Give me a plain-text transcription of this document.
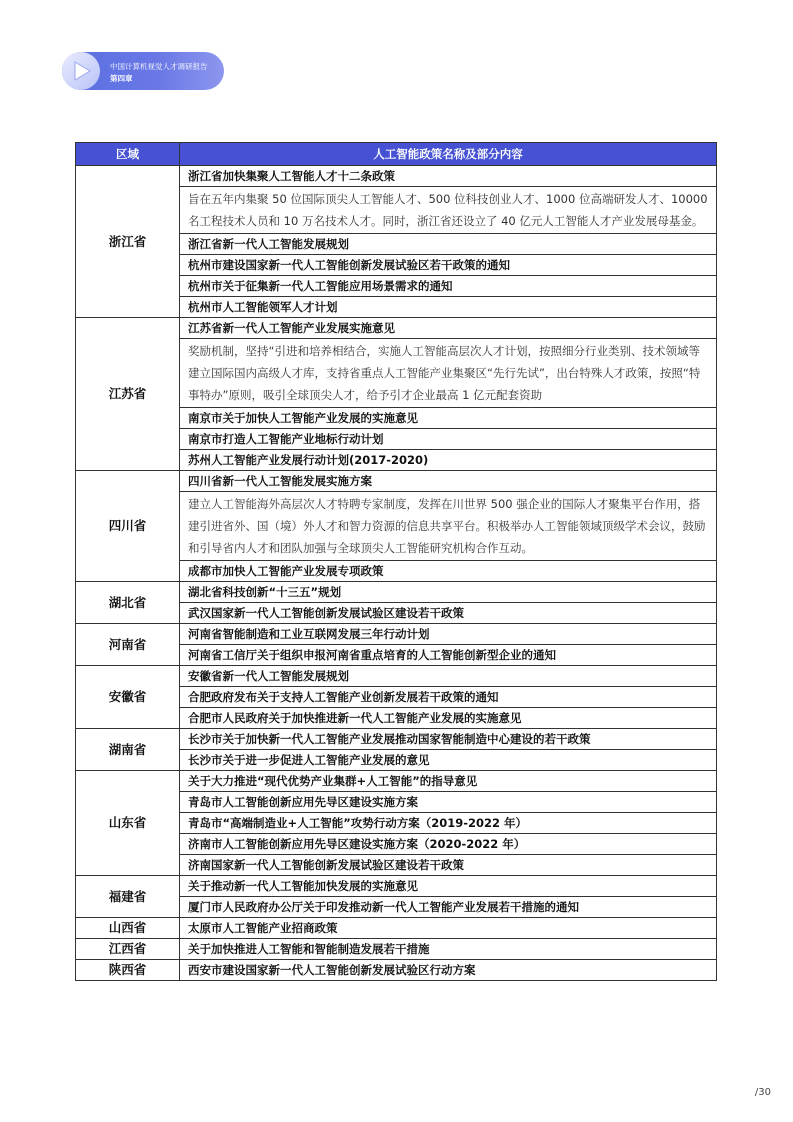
中国计算机视觉人才调研报告
第四章
区域	人工智能政策名称及部分内容
浙江省	浙江省加快集聚人工智能人才十二条政策
	旨在五年内集聚 50 位国际顶尖人工智能人才、500 位科技创业人才、1000 位高端研发人才、10000 名工程技术人员和 10 万名技术人才。同时，浙江省还设立了 40 亿元人工智能人才产业发展母基金。
	浙江省新一代人工智能发展规划
	杭州市建设国家新一代人工智能创新发展试验区若干政策的通知
	杭州市关于征集新一代人工智能应用场景需求的通知
	杭州市人工智能领军人才计划
江苏省	江苏省新一代人工智能产业发展实施意见
	奖励机制，坚持“引进和培养相结合，实施人工智能高层次人才计划，按照细分行业类别、技术领域等建立国际国内高级人才库，支持省重点人工智能产业集聚区“先行先试”，出台特殊人才政策，按照“特事特办”原则，吸引全球顶尖人才，给予引才企业最高 1 亿元配套资助
	南京市关于加快人工智能产业发展的实施意见
	南京市打造人工智能产业地标行动计划
	苏州人工智能产业发展行动计划(2017-2020)
四川省	四川省新一代人工智能发展实施方案
	建立人工智能海外高层次人才特聘专家制度，发挥在川世界 500 强企业的国际人才聚集平台作用，搭建引进省外、国（境）外人才和智力资源的信息共享平台。积极举办人工智能领域顶级学术会议，鼓励和引导省内人才和团队加强与全球顶尖人工智能研究机构合作互动。
	成都市加快人工智能产业发展专项政策
湖北省	湖北省科技创新“十三五”规划
	武汉国家新一代人工智能创新发展试验区建设若干政策
河南省	河南省智能制造和工业互联网发展三年行动计划
	河南省工信厅关于组织申报河南省重点培育的人工智能创新型企业的通知
安徽省	安徽省新一代人工智能发展规划
	合肥政府发布关于支持人工智能产业创新发展若干政策的通知
	合肥市人民政府关于加快推进新一代人工智能产业发展的实施意见
湖南省	长沙市关于加快新一代人工智能产业发展推动国家智能制造中心建设的若干政策
	长沙市关于进一步促进人工智能产业发展的意见
山东省	关于大力推进“现代优势产业集群+人工智能”的指导意见
	青岛市人工智能创新应用先导区建设实施方案
	青岛市“高端制造业+人工智能”攻势行动方案（2019-2022 年）
	济南市人工智能创新应用先导区建设实施方案（2020-2022 年）
	济南国家新一代人工智能创新发展试验区建设若干政策
福建省	关于推动新一代人工智能加快发展的实施意见
	厦门市人民政府办公厅关于印发推动新一代人工智能产业发展若干措施的通知
山西省	太原市人工智能产业招商政策
江西省	关于加快推进人工智能和智能制造发展若干措施
陕西省	西安市建设国家新一代人工智能创新发展试验区行动方案
/30
